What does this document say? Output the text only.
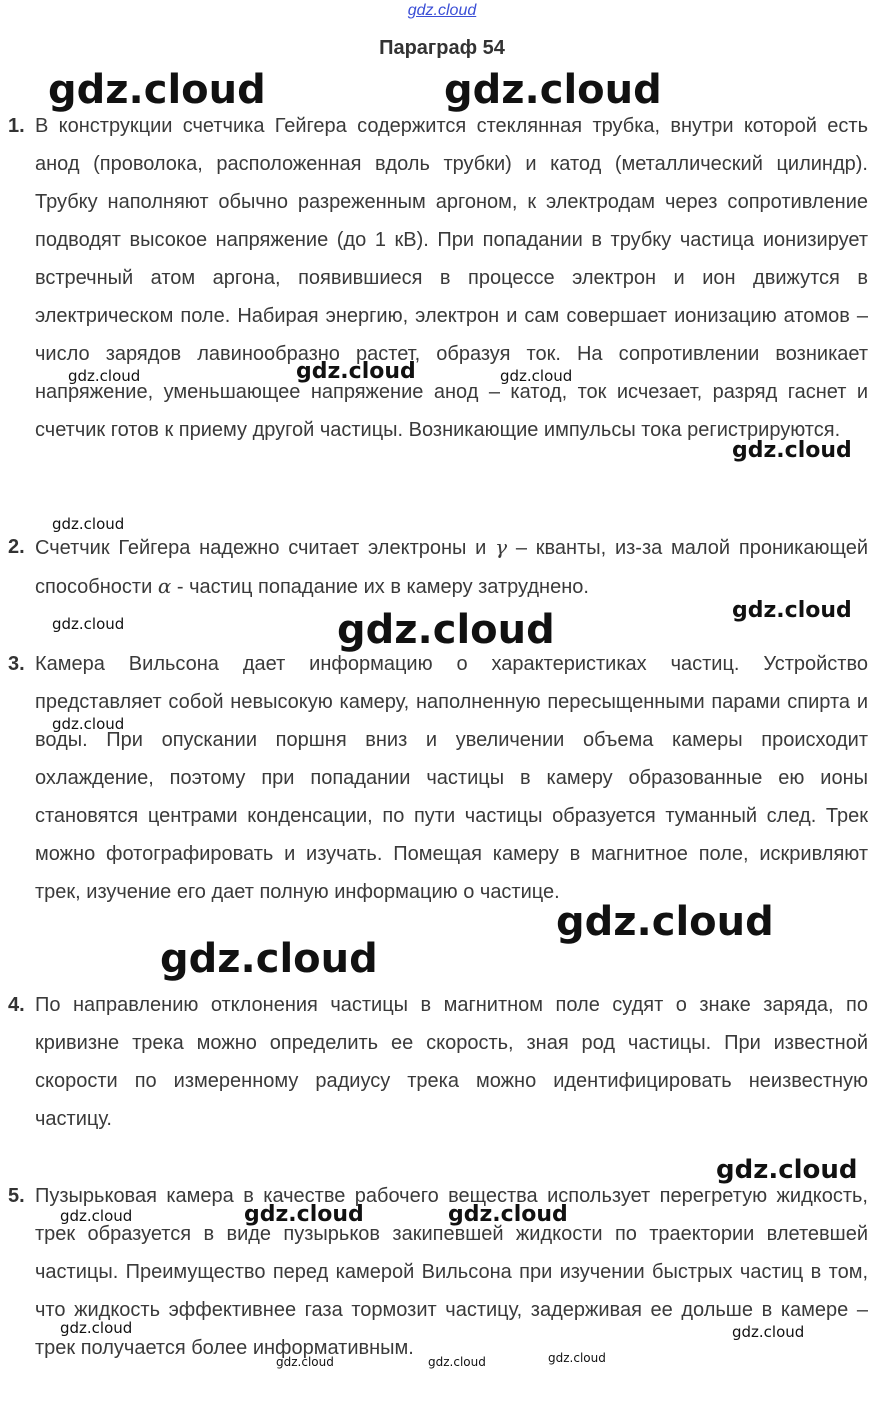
gdz.cloud
Параграф 54
1. В конструкции счетчика Гейгера содержится стеклянная трубка, внутри которой есть анод (проволока, расположенная вдоль трубки) и катод (металлический цилиндр). Трубку наполняют обычно разреженным аргоном, к электродам через сопротивление подводят высокое напряжение (до 1 кВ). При попадании в трубку частица ионизирует встречный атом аргона, появившиеся в процессе электрон и ион движутся в электрическом поле. Набирая энергию, электрон и сам совершает ионизацию атомов – число зарядов лавинообразно растет, образуя ток. На сопротивлении возникает напряжение, уменьшающее напряжение анод – катод, ток исчезает, разряд гаснет и счетчик готов к приему другой частицы. Возникающие импульсы тока регистрируются.
2. Счетчик Гейгера надежно считает электроны и γ – кванты, из-за малой проникающей способности α - частиц попадание их в камеру затруднено.
3. Камера Вильсона дает информацию о характеристиках частиц. Устройство представляет собой невысокую камеру, наполненную пересыщенными парами спирта и воды. При опускании поршня вниз и увеличении объема камеры происходит охлаждение, поэтому при попадании частицы в камеру образованные ею ионы становятся центрами конденсации, по пути частицы образуется туманный след. Трек можно фотографировать и изучать. Помещая камеру в магнитное поле, искривляют трек, изучение его дает полную информацию о частице.
4. По направлению отклонения частицы в магнитном поле судят о знаке заряда, по кривизне трека можно определить ее скорость, зная род частицы. При известной скорости по измеренному радиусу трека можно идентифицировать неизвестную частицу.
5. Пузырьковая камера в качестве рабочего вещества использует перегретую жидкость, трек образуется в виде пузырьков закипевшей жидкости по траектории влетевшей частицы. Преимущество перед камерой Вильсона при изучении быстрых частиц в том, что жидкость эффективнее газа тормозит частицу, задерживая ее дольше в камере – трек получается более информативным.
gdz.cloud	gdz.cloud
gdz.cloud	gdz.cloud	gdz.cloud
gdz.cloud
gdz.cloud
gdz.cloud
gdz.cloud	gdz.cloud
gdz.cloud
gdz.cloud
gdz.cloud
gdz.cloud
gdz.cloud	gdz.cloud	gdz.cloud
gdz.cloud	gdz.cloud
gdz.cloud	gdz.cloud	gdz.cloud
